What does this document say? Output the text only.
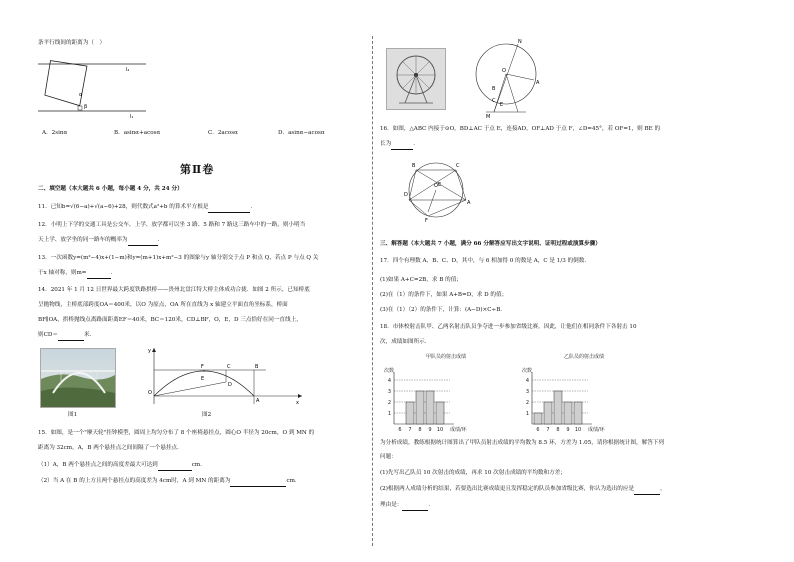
条平行线间的距离为（　）
l₂
l₁
α
β
A．2sinα	B．asinα+acosα	C．2acosα	D．asinα−acosα
第Ⅱ卷
二、填空题（本大题共 6 小题，每小题 4 分，共 24 分）
11．已知b=√(6−a)+√(a−6)+28，则代数式a²+b 的算术平方根是	．
12．小明上下学的交通工具是公交车，上学、放学都可以坐 3 路、5 路和 7 路这三路车中的一路，则小明当
天上学、放学坐的同一路车的概率为	．
13．一次函数y=(m²−4)x+(1−m)和y=(m+1)x+m²−3 的图象与y 轴分别交于点 P 和点 Q，若点 P 与点 Q 关
于x 轴对称，则m=	．
14．2021 年 1 月 12 日世界最大跨度铁路拱桥——贵州北盘江特大桥主体成功合拢．如图 2 所示，已知桥底
呈抛物线，主桥底部跨度OA＝400米，以O 为原点，OA 所在直线为 x 轴建立平面直角坐标系，桥面
BF∥OA，拱桥抛线点离路面距离EF＝40米，BC＝120米，CD⊥BF，O，E，D 三点恰好在同一直线上，
则CD＝	米．
图1
y
O
F
E
C	B
D
A	x
图2
15．如图，是一个"摩天轮"挂钟模型，圆周上均匀分布了 8 个座椅悬挂点，圆心O 半径为 20cm，O 到 MN 的
距离为 32cm，A，B 两个悬挂点之间间隔了一个悬挂点．
（1）A，B 两个悬挂点之间的高度差最大可达到	cm．
（2）当 A 在 B 的上方且两个悬挂点的高度差为 4cm时，A 到 MN 的距离为	cm．
N
A
B
O
C
M
E
16．如图，△ABC 内接于⊙O，BD⊥AC 于点 E，连接AD，OF⊥AD 于点 F，∠D=45°，若 OF=1，则 BE 的
长为	．
B	C
D
O E
A
F
三、解答题（本大题共 7 小题，满分 66 分解答应写出文字说明、证明过程或演算步骤）
17．四个有理数 A、B、C、D，其中，与 6 相加得 0 的数是 A，C 是 1/3 的倒数．
(1)如果 A+C=2B，求 B 的值；
(2)在（1）的条件下，如果 A+B=D，求 D 的值；
(3)在（1）（2）的条件下，计算：(A−D)×C÷B．
18．市体校射击队甲、乙两名射击队员争夺进一步参加省级比赛，因此，让他们在相同条件下各射击 10
次，成绩如图所示．
甲队员的射击成绩
次数
1
2
3
4
6 7 8 9 10 成绩/环
乙队员的射击成绩
次数
1
2
3
4
6 7 8 9 10 成绩/环
为分析成绩，教练根据统计图算出了甲队员射击成绩的平均数为 8.5 环，方差为 1.05，请你根据统计图，解答下列
问题：
(1)先写出乙队员 10 次射击的成绩，再求 10 次射击成绩的平均数和方差；
(2)根据两人成绩分析的结果，若要选出比赛成绩更且发挥稳定的队员参加省级比赛，你认为选出的应是	，
理由是：	．
